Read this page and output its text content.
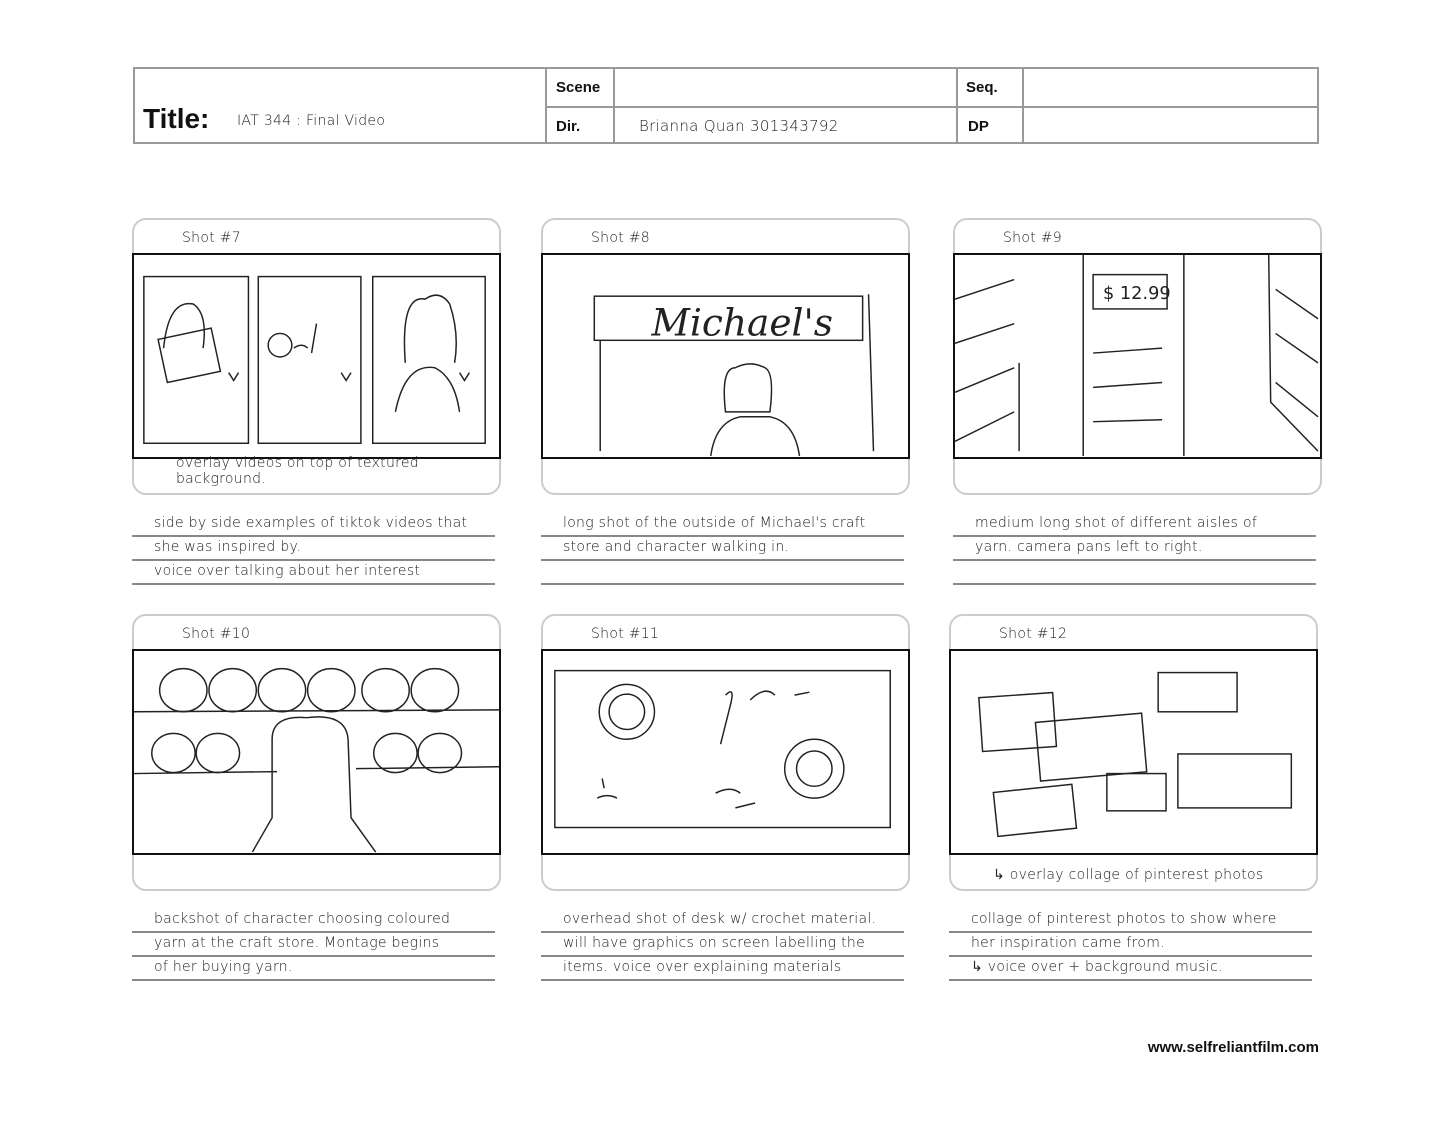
Title: IAT 344 : Final Video
Scene	Seq.
Dir.	Brianna Quan 301343792	DP
Shot #7
overlay videos on top of textured background.
side by side examples of tiktok videos that
she was inspired by.
voice over talking about her interest
Shot #8
Michael's
long shot of the outside of Michael's craft
store and character walking in.
Shot #9
$ 12.99
medium long shot of different aisles of
yarn. camera pans left to right.
Shot #10
backshot of character choosing coloured
yarn at the craft store. Montage begins
of her buying yarn.
Shot #11
overhead shot of desk w/ crochet material.
will have graphics on screen labelling the
items. voice over explaining materials
Shot #12
↳ overlay collage of pinterest photos
collage of pinterest photos to show where
her inspiration came from.
↳ voice over + background music.
www.selfreliantfilm.com
